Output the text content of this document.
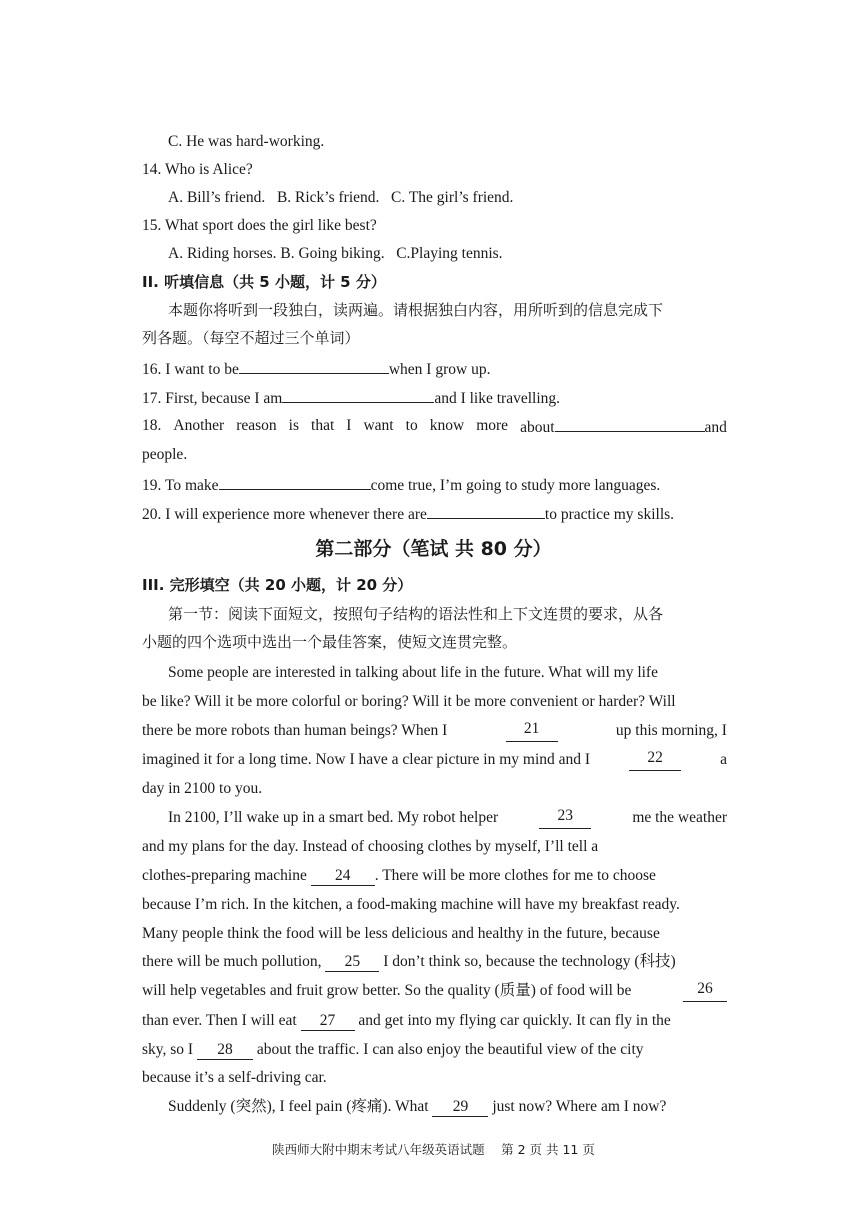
C. He was hard-working.
14. Who is Alice?
A. Bill’s friend. B. Rick’s friend. C. The girl’s friend.
15. What sport does the girl like best?
A. Riding horses. B. Going biking. C.Playing tennis.
II. 听填信息（共 5 小题，计 5 分）
本题你将听到一段独白，读两遍。请根据独白内容，用所听到的信息完成下
列各题。（每空不超过三个单词）
16. I want to be	when I grow up.
17. First, because I am	and I like travelling.
18. Another reason is that I want to know more about	and
people.
19. To make	come true, I’m going to study more languages.
20. I will experience more whenever there are	to practice my skills.
第二部分（笔试 共 80 分）
III. 完形填空（共 20 小题，计 20 分）
第一节：阅读下面短文，按照句子结构的语法性和上下文连贯的要求，从各
小题的四个选项中选出一个最佳答案，使短文连贯完整。
Some people are interested in talking about life in the future. What will my life
be like? Will it be more colorful or boring? Will it be more convenient or harder? Will
there be more robots than human beings? When I	21	up this morning, I
imagined it for a long time. Now I have a clear picture in my mind and I	22	a
day in 2100 to you.
In 2100, I’ll wake up in a smart bed. My robot helper	23	me the weather
and my plans for the day. Instead of choosing clothes by myself, I’ll tell a
clothes-preparing machine 24 . There will be more clothes for me to choose
because I’m rich. In the kitchen, a food-making machine will have my breakfast ready.
Many people think the food will be less delicious and healthy in the future, because
there will be much pollution, 25 I don’t think so, because the technology (科技)
will help vegetables and fruit grow better. So the quality (质量) of food will be	26
than ever. Then I will eat 27 and get into my flying car quickly. It can fly in the
sky, so I 28 about the traffic. I can also enjoy the beautiful view of the city
because it’s a self-driving car.
Suddenly (突然), I feel pain (疼痛). What 29 just now? Where am I now?
陕西师大附中期末考试八年级英语试题　 第 2 页 共 11 页
